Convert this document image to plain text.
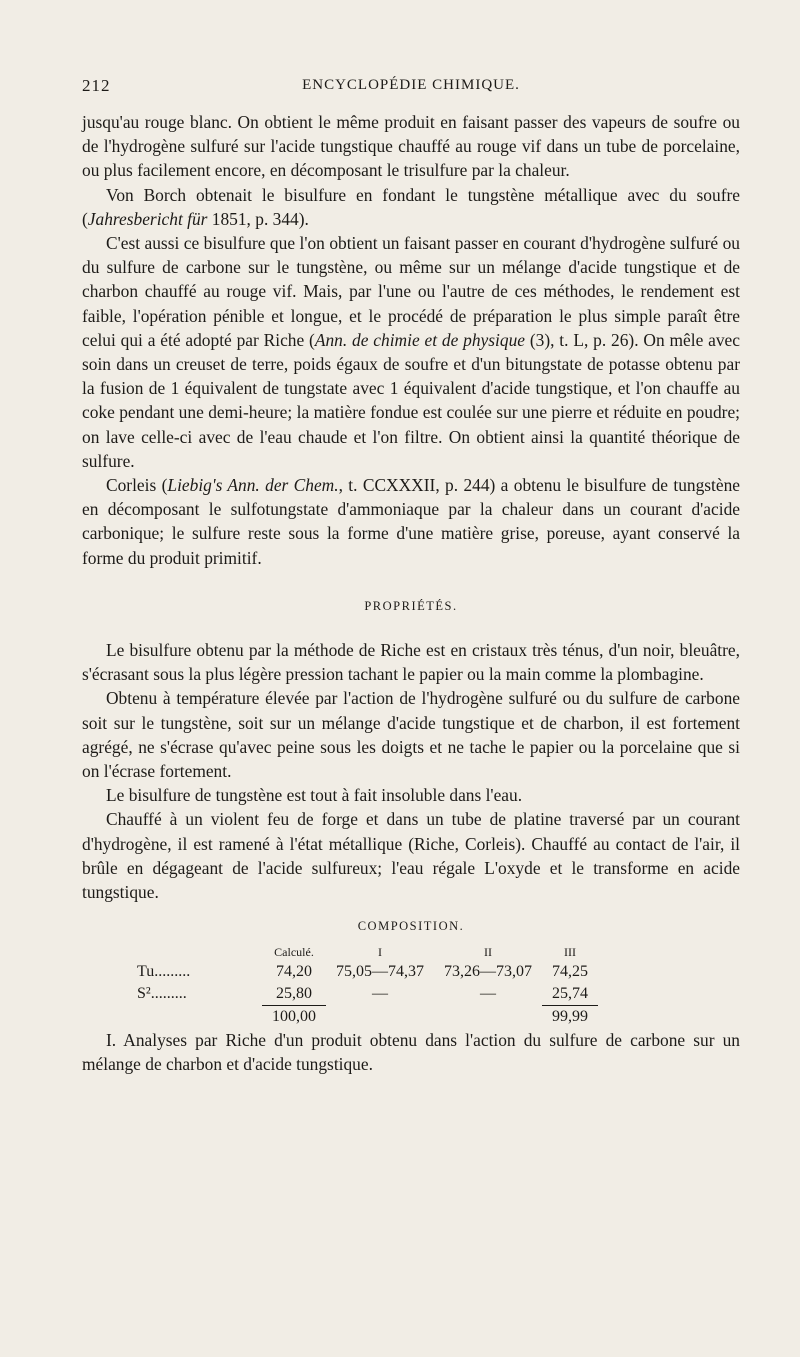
212	ENCYCLOPÉDIE CHIMIQUE.

jusqu'au rouge blanc. On obtient le même produit en faisant passer des vapeurs de soufre ou de l'hydrogène sulfuré sur l'acide tungstique chauffé au rouge vif dans un tube de porcelaine, ou plus facilement encore, en décomposant le trisulfure par la chaleur.

Von Borch obtenait le bisulfure en fondant le tungstène métallique avec du soufre (Jahresbericht für 1851, p. 344).

C'est aussi ce bisulfure que l'on obtient un faisant passer en courant d'hydrogène sulfuré ou du sulfure de carbone sur le tungstène, ou même sur un mélange d'acide tungstique et de charbon chauffé au rouge vif. Mais, par l'une ou l'autre de ces méthodes, le rendement est faible, l'opération pénible et longue, et le procédé de préparation le plus simple paraît être celui qui a été adopté par Riche (Ann. de chimie et de physique (3), t. L, p. 26). On mêle avec soin dans un creuset de terre, poids égaux de soufre et d'un bitungstate de potasse obtenu par la fusion de 1 équivalent de tungstate avec 1 équivalent d'acide tungstique, et l'on chauffe au coke pendant une demi-heure; la matière fondue est coulée sur une pierre et réduite en poudre; on lave celle-ci avec de l'eau chaude et l'on filtre. On obtient ainsi la quantité théorique de sulfure.

Corleis (Liebig's Ann. der Chem., t. CCXXXII, p. 244) a obtenu le bisulfure de tungstène en décomposant le sulfotungstate d'ammoniaque par la chaleur dans un courant d'acide carbonique; le sulfure reste sous la forme d'une matière grise, poreuse, ayant conservé la forme du produit primitif.

PROPRIÉTÉS.

Le bisulfure obtenu par la méthode de Riche est en cristaux très ténus, d'un noir, bleuâtre, s'écrasant sous la plus légère pression tachant le papier ou la main comme la plombagine.

Obtenu à température élevée par l'action de l'hydrogène sulfuré ou du sulfure de carbone soit sur le tungstène, soit sur un mélange d'acide tungstique et de charbon, il est fortement agrégé, ne s'écrase qu'avec peine sous les doigts et ne tache le papier ou la porcelaine que si on l'écrase fortement.

Le bisulfure de tungstène est tout à fait insoluble dans l'eau.

Chauffé à un violent feu de forge et dans un tube de platine traversé par un courant d'hydrogène, il est ramené à l'état métallique (Riche, Corleis). Chauffé au contact de l'air, il brûle en dégageant de l'acide sulfureux; l'eau régale L'oxyde et le transforme en acide tungstique.

COMPOSITION.
	Calculé.	I	II	III
Tu.........	74,20	75,05—74,37	73,26—73,07	74,25
S².........	25,80	—	—	25,74
	100,00			99,99

I. Analyses par Riche d'un produit obtenu dans l'action du sulfure de carbone sur un mélange de charbon et d'acide tungstique.
